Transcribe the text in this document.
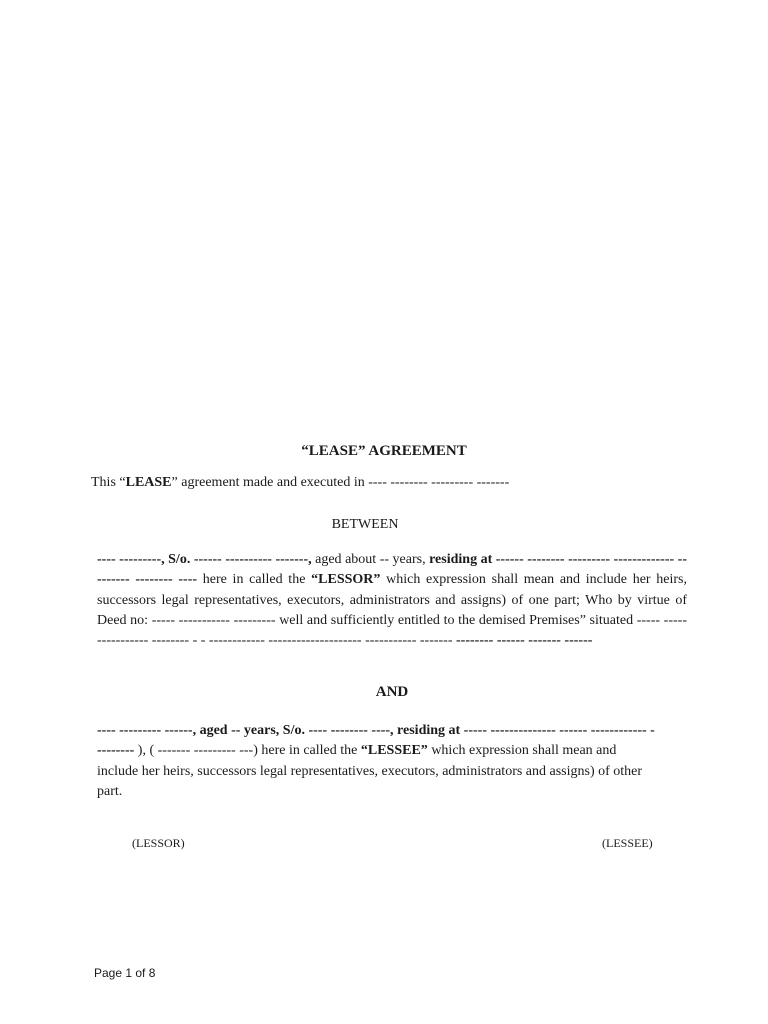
“LEASE” AGREEMENT
This “LEASE” agreement made and executed in ---- -------- --------- -------
BETWEEN
---- ---------, S/o. ------ ---------- -------, aged about -- years, residing at ------ -------- --------- ------------- --------- -------- ---- here in called the “LESSOR” which expression shall mean and include her heirs, successors legal representatives, executors, administrators and assigns) of one part; Who by virtue of Deed no: ----- ----------- --------- well and sufficiently entitled to the demised Premises” situated ----- ---------------- -------- - - ------------ -------------------- ----------- ------- -------- ------ ------- ------
AND
---- --------- ------, aged -- years, S/o. ---- -------- ----, residing at ----- -------------- ------ ------------ --------- ), ( ------- --------- ---) here in called the “LESSEE” which expression shall mean and include her heirs, successors legal representatives, executors, administrators and assigns) of other part.
(LESSOR)	(LESSEE)
Page 1 of 8
